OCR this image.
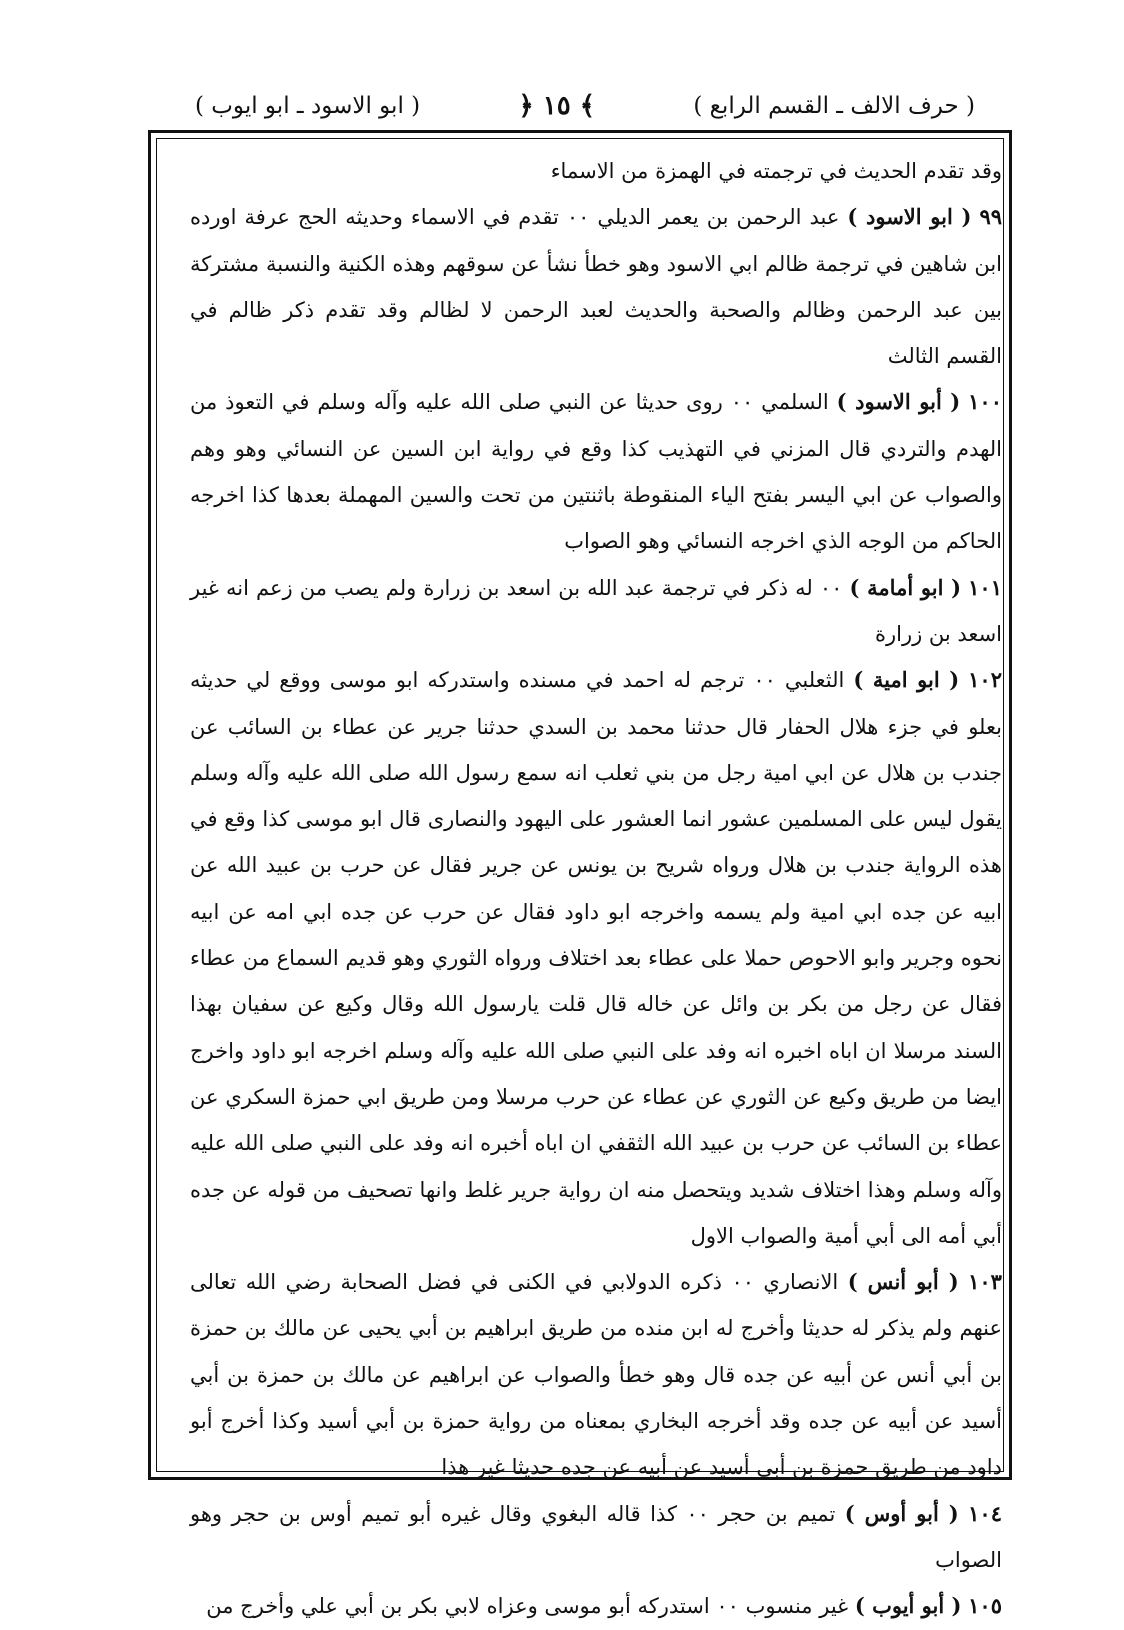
( حرف الالف ـ القسم الرابع )
﴾ ١٥ ﴿
( ابو الاسود ـ ابو ايوب )

وقد تقدم الحديث في ترجمته في الهمزة من الاسماء

٩٩ ( ابو الاسود ) عبد الرحمن بن يعمر الديلي ٠٠ تقدم في الاسماء وحديثه الحج عرفة اورده ابن شاهين في ترجمة ظالم ابي الاسود وهو خطأ نشأ عن سوقهم وهذه الكنية والنسبة مشتركة بين عبد الرحمن وظالم والصحبة والحديث لعبد الرحمن لا لظالم وقد تقدم ذكر ظالم في القسم الثالث

١٠٠ ( أبو الاسود ) السلمي ٠٠ روى حديثا عن النبي صلى الله عليه وآله وسلم في التعوذ من الهدم والتردي قال المزني في التهذيب كذا وقع في رواية ابن السين عن النسائي وهو وهم والصواب عن ابي اليسر بفتح الياء المنقوطة باثنتين من تحت والسين المهملة بعدها كذا اخرجه الحاكم من الوجه الذي اخرجه النسائي وهو الصواب

١٠١ ( ابو أمامة ) ٠٠ له ذكر في ترجمة عبد الله بن اسعد بن زرارة ولم يصب من زعم انه غير اسعد بن زرارة

١٠٢ ( ابو امية ) الثعلبي ٠٠ ترجم له احمد في مسنده واستدركه ابو موسى ووقع لي حديثه بعلو في جزء هلال الحفار قال حدثنا محمد بن السدي حدثنا جرير عن عطاء بن السائب عن جندب بن هلال عن ابي امية رجل من بني ثعلب انه سمع رسول الله صلى الله عليه وآله وسلم يقول ليس على المسلمين عشور انما العشور على اليهود والنصارى قال ابو موسى كذا وقع في هذه الرواية جندب بن هلال ورواه شريح بن يونس عن جرير فقال عن حرب بن عبيد الله عن ابيه عن جده ابي امية ولم يسمه واخرجه ابو داود فقال عن حرب عن جده ابي امه عن ابيه نحوه وجرير وابو الاحوص حملا على عطاء بعد اختلاف ورواه الثوري وهو قديم السماع من عطاء فقال عن رجل من بكر بن وائل عن خاله قال قلت يارسول الله وقال وكيع عن سفيان بهذا السند مرسلا ان اباه اخبره انه وفد على النبي صلى الله عليه وآله وسلم اخرجه ابو داود واخرج ايضا من طريق وكيع عن الثوري عن عطاء عن حرب مرسلا ومن طريق ابي حمزة السكري عن عطاء بن السائب عن حرب بن عبيد الله الثقفي ان اباه أخبره انه وفد على النبي صلى الله عليه وآله وسلم وهذا اختلاف شديد ويتحصل منه ان رواية جرير غلط وانها تصحيف من قوله عن جده أبي أمه الى أبي أمية والصواب الاول

١٠٣ ( أبو أنس ) الانصاري ٠٠ ذكره الدولابي في الكنى في فضل الصحابة رضي الله تعالى عنهم ولم يذكر له حديثا وأخرج له ابن منده من طريق ابراهيم بن أبي يحيى عن مالك بن حمزة بن أبي أنس عن أبيه عن جده قال وهو خطأ والصواب عن ابراهيم عن مالك بن حمزة بن أبي أسيد عن أبيه عن جده وقد أخرجه البخاري بمعناه من رواية حمزة بن أبي أسيد وكذا أخرج أبو داود من طريق حمزة بن أبي أسيد عن أبيه عن جده حديثا غير هذا

١٠٤ ( أبو أوس ) تميم بن حجر ٠٠ كذا قاله البغوي وقال غيره أبو تميم أوس بن حجر وهو الصواب

١٠٥ ( أبو أيوب ) غير منسوب ٠٠ استدركه أبو موسى وعزاه لابي بكر بن أبي علي وأخرج من
